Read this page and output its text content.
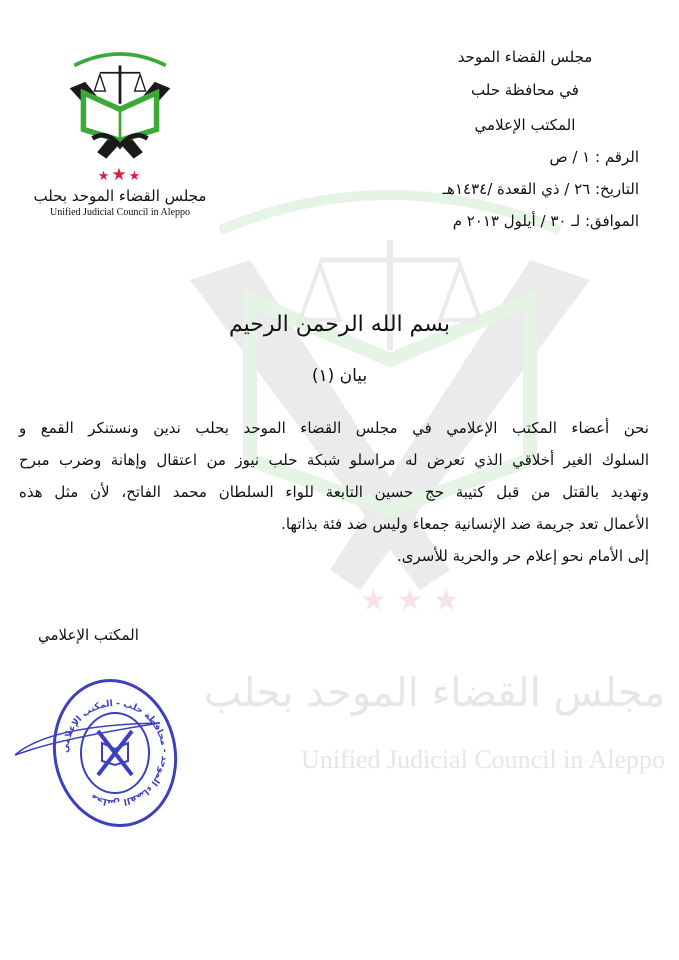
★ ★ ★
مجلس القضاء الموحد بحلب
Unified Judicial Council in Aleppo
★★★
مجلس القضاء الموحد بحلب
Unified Judicial Council in Aleppo
مجلس القضاء الموحد
في محافظة حلب
المكتب الإعلامي
الرقم : ١ / ص
التاريخ: ٢٦ / ذي القعدة /١٤٣٤هـ
الموافق: لـ ٣٠ / أيلول ٢٠١٣ م
بسم الله الرحمن الرحيم
بيان (١)
نحن أعضاء المكتب الإعلامي في مجلس القضاء الموحد بحلب ندين ونستنكر القمع و
السلوك الغير أخلاقي الذي تعرض له مراسلو شبكة حلب نيوز من اعتقال وإهانة وضرب مبرح
وتهديد بالقتل من قبل كتيبة حج حسين التابعة للواء السلطان محمد الفاتح، لأن مثل هذه
الأعمال تعد جريمة ضد الإنسانية جمعاء وليس ضد فئة بذاتها.
إلى الأمام نحو إعلام حر والحرية للأسرى.
المكتب الإعلامي
مجلس القضاء الموحد - محافظة حلب - المكتب الإعلامي
